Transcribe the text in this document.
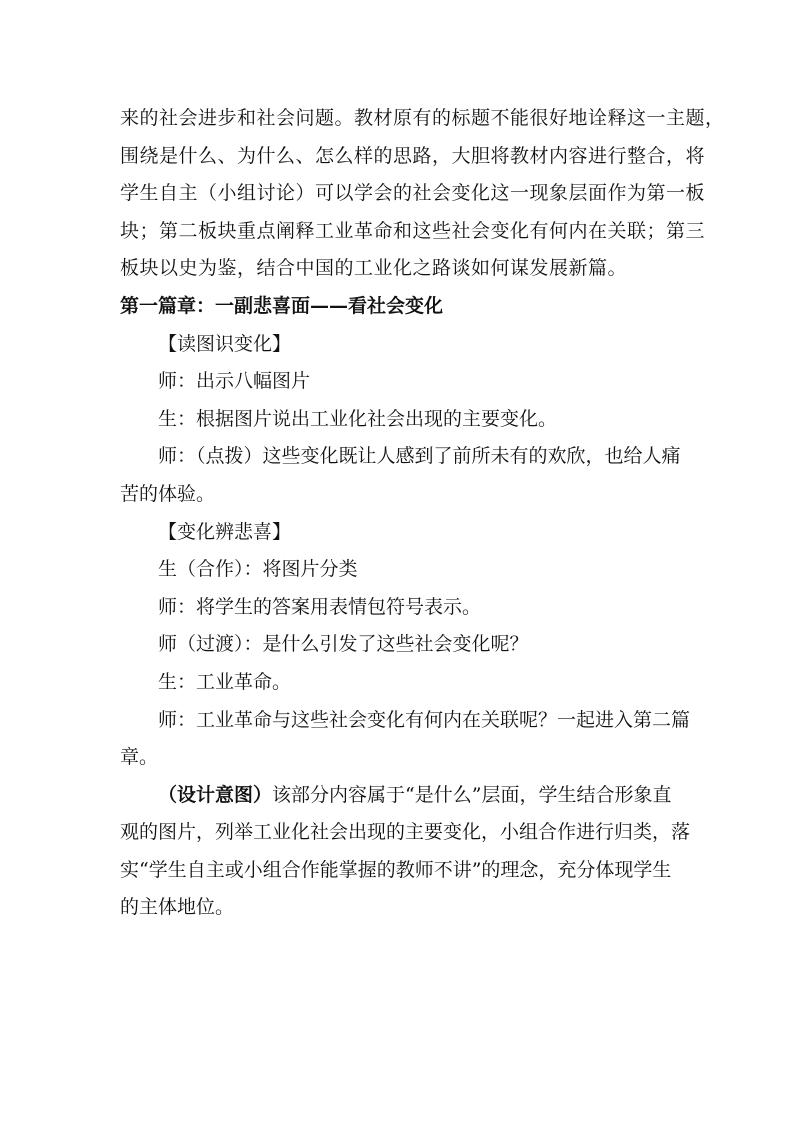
来的社会进步和社会问题。教材原有的标题不能很好地诠释这一主题，
围绕是什么、为什么、怎么样的思路，大胆将教材内容进行整合，将
学生自主（小组讨论）可以学会的社会变化这一现象层面作为第一板
块；第二板块重点阐释工业革命和这些社会变化有何内在关联；第三
板块以史为鉴，结合中国的工业化之路谈如何谋发展新篇。
第一篇章：一副悲喜面——看社会变化
【读图识变化】
师：出示八幅图片
生：根据图片说出工业化社会出现的主要变化。
师：（点拨）这些变化既让人感到了前所未有的欢欣，也给人痛
苦的体验。
【变化辨悲喜】
生（合作）：将图片分类
师：将学生的答案用表情包符号表示。
师（过渡）：是什么引发了这些社会变化呢？
生：工业革命。
师：工业革命与这些社会变化有何内在关联呢？一起进入第二篇
章。
（设计意图）该部分内容属于“是什么”层面，学生结合形象直
观的图片，列举工业化社会出现的主要变化，小组合作进行归类，落
实“学生自主或小组合作能掌握的教师不讲”的理念，充分体现学生
的主体地位。
